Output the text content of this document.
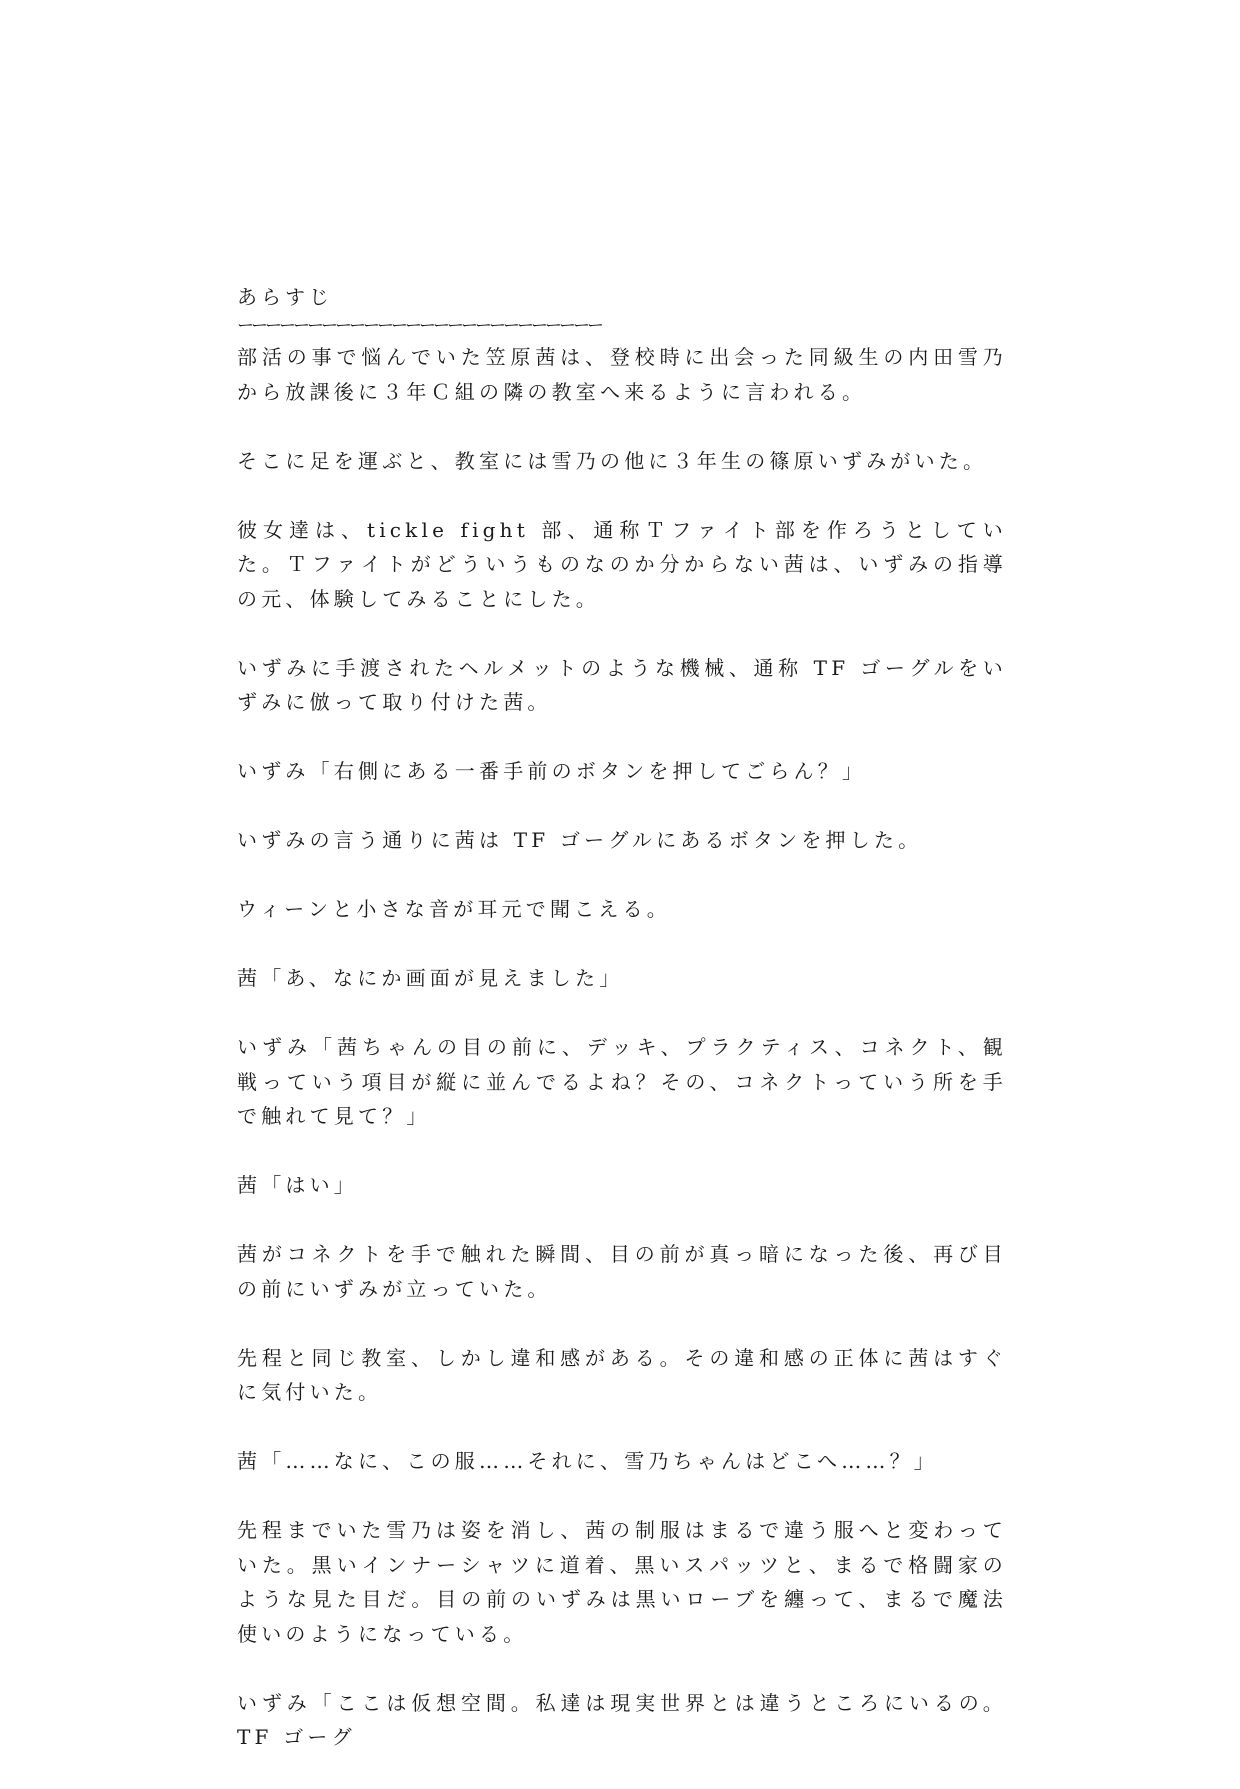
あらすじ

ーーーーーーーーーーーーーーーーーーーーーーーーーー

部活の事で悩んでいた笠原茜は、登校時に出会った同級生の内田雪乃から放課後に３年Ｃ組の隣の教室へ来るように言われる。

そこに足を運ぶと、教室には雪乃の他に３年生の篠原いずみがいた。

彼女達は、tickle fight 部、通称Ｔファイト部を作ろうとしていた。Ｔファイトがどういうものなのか分からない茜は、いずみの指導の元、体験してみることにした。

いずみに手渡されたヘルメットのような機械、通称 TF ゴーグルをいずみに倣って取り付けた茜。

いずみ「右側にある一番手前のボタンを押してごらん？」

いずみの言う通りに茜は TF ゴーグルにあるボタンを押した。

ウィーンと小さな音が耳元で聞こえる。

茜「あ、なにか画面が見えました」

いずみ「茜ちゃんの目の前に、デッキ、プラクティス、コネクト、観戦っていう項目が縦に並んでるよね？その、コネクトっていう所を手で触れて見て？」

茜「はい」

茜がコネクトを手で触れた瞬間、目の前が真っ暗になった後、再び目の前にいずみが立っていた。

先程と同じ教室、しかし違和感がある。その違和感の正体に茜はすぐに気付いた。

茜「……なに、この服……それに、雪乃ちゃんはどこへ……？」

先程までいた雪乃は姿を消し、茜の制服はまるで違う服へと変わっていた。黒いインナーシャツに道着、黒いスパッツと、まるで格闘家のような見た目だ。目の前のいずみは黒いローブを纏って、まるで魔法使いのようになっている。

いずみ「ここは仮想空間。私達は現実世界とは違うところにいるの。TF ゴーグ
